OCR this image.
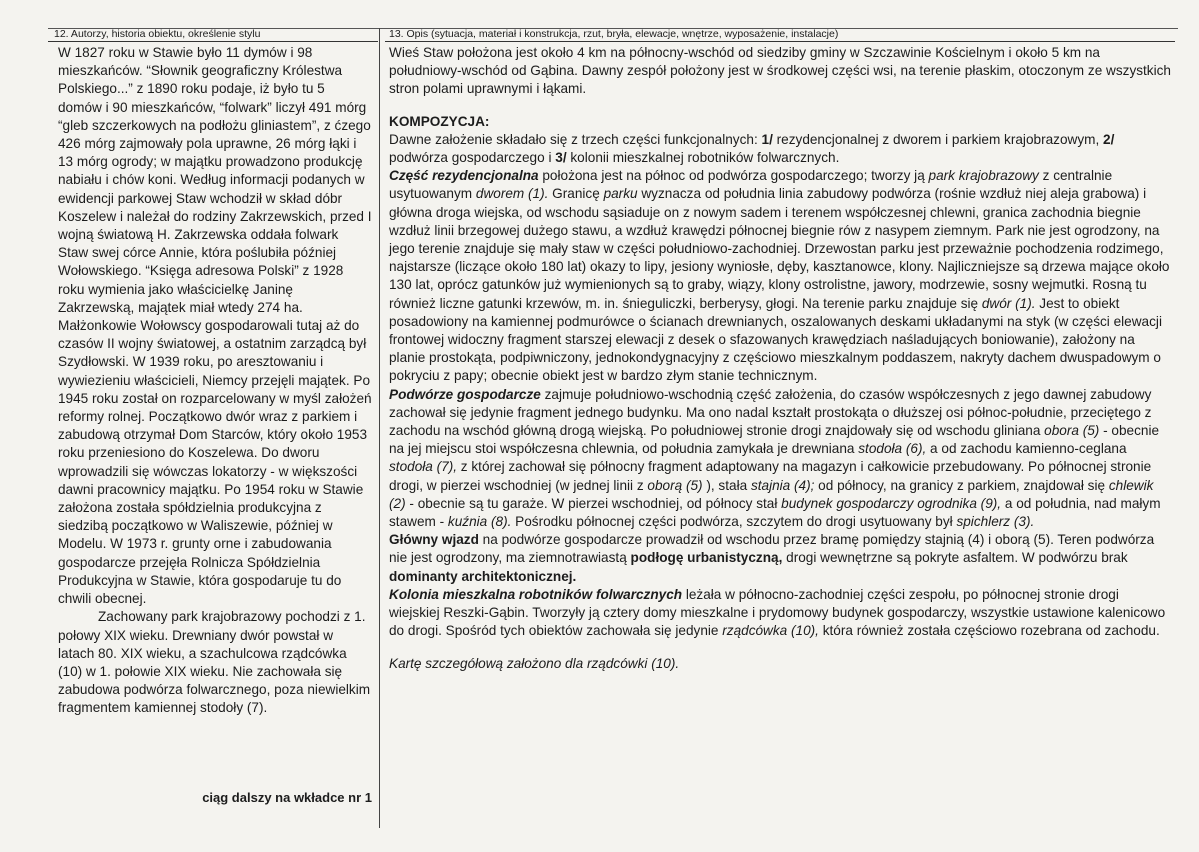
12. Autorzy, historia obiektu, określenie stylu

W 1827 roku w Stawie było 11 dymów i 98 mieszkańców. “Słownik geograficzny Królestwa Polskiego...” z 1890 roku podaje, iż było tu 5 domów i 90 mieszkańców, “folwark” liczył 491 mórg “gleb szczerkowych na podłożu gliniastem”, z ćzego 426 mórg zajmowały pola uprawne, 26 mórg łąki i 13 mórg ogrody; w majątku prowadzono produkcję nabiału i chów koni. Według informacji podanych w ewidencji parkowej Staw wchodził w skład dóbr Koszelew i należał do rodziny Zakrzewskich, przed I wojną światową H. Zakrzewska oddała folwark Staw swej córce Annie, która poślubiła później Wołowskiego. “Księga adresowa Polski” z 1928 roku wymienia jako właścicielkę Janinę Zakrzewską, majątek miał wtedy 274 ha. Małżonkowie Wołowscy gospodarowali tutaj aż do czasów II wojny światowej, a ostatnim zarządcą był Szydłowski. W 1939 roku, po aresztowaniu i wywiezieniu właścicieli, Niemcy przejęli majątek. Po 1945 roku został on rozparcelowany w myśl założeń reformy rolnej. Początkowo dwór wraz z parkiem i zabudową otrzymał Dom Starców, który około 1953 roku przeniesiono do Koszelewa. Do dworu wprowadzili się wówczas lokatorzy - w większości dawni pracownicy majątku. Po 1954 roku w Stawie założona została spółdzielnia produkcyjna z siedzibą początkowo w Waliszewie, później w Modelu. W 1973 r. grunty orne i zabudowania gospodarcze przejęła Rolnicza Spółdzielnia Produkcyjna w Stawie, która gospodaruje tu do chwili obecnej.

Zachowany park krajobrazowy pochodzi z 1. połowy XIX wieku. Drewniany dwór powstał w latach 80. XIX wieku, a szachulcowa rządcówka (10) w 1. połowie XIX wieku. Nie zachowała się zabudowa podwórza folwarcznego, poza niewielkim fragmentem kamiennej stodoły (7).

ciąg dalszy na wkładce nr 1
13. Opis (sytuacja, materiał i konstrukcja, rzut, bryła, elewacje, wnętrze, wyposażenie, instalacje)

Wieś Staw położona jest około 4 km na północny-wschód od siedziby gminy w Szczawinie Kościelnym i około 5 km na południowy-wschód od Gąbina. Dawny zespół położony jest w środkowej części wsi, na terenie płaskim, otoczonym ze wszystkich stron polami uprawnymi i łąkami.

KOMPOZYCJA:

Dawne założenie składało się z trzech części funkcjonalnych: 1/ rezydencjonalnej z dworem i parkiem krajobrazowym, 2/ podwórza gospodarczego i 3/ kolonii mieszkalnej robotników folwarcznych.

Część rezydencjonalna położona jest na północ od podwórza gospodarczego; tworzy ją park krajobrazowy z centralnie usytuowanym dworem (1). Granicę parku wyznacza od południa linia zabudowy podwórza (rośnie wzdłuż niej aleja grabowa) i główna droga wiejska, od wschodu sąsiaduje on z nowym sadem i terenem współczesnej chlewni, granica zachodnia biegnie wzdłuż linii brzegowej dużego stawu, a wzdłuż krawędzi północnej biegnie rów z nasypem ziemnym. Park nie jest ogrodzony, na jego terenie znajduje się mały staw w części południowo-zachodniej. Drzewostan parku jest przeważnie pochodzenia rodzimego, najstarsze (liczące około 180 lat) okazy to lipy, jesiony wyniosłe, dęby, kasztanowce, klony. Najliczniejsze są drzewa mające około 130 lat, oprócz gatunków już wymienionych są to graby, wiązy, klony ostrolistne, jawory, modrzewie, sosny wejmutki. Rosną tu również liczne gatunki krzewów, m. in. śnieguliczki, berberysy, głogi. Na terenie parku znajduje się dwór (1). Jest to obiekt posadowiony na kamiennej podmurówce o ścianach drewnianych, oszalowanych deskami układanymi na styk (w części elewacji frontowej widoczny fragment starszej elewacji z desek o sfazowanych krawędziach naśladujących boniowanie), założony na planie prostokąta, podpiwniczony, jednokondygnacyjny z częściowo mieszkalnym poddaszem, nakryty dachem dwuspadowym o pokryciu z papy; obecnie obiekt jest w bardzo złym stanie technicznym.

Podwórze gospodarcze zajmuje południowo-wschodnią część założenia, do czasów współczesnych z jego dawnej zabudowy zachował się jedynie fragment jednego budynku. Ma ono nadal kształt prostokąta o dłuższej osi północ-południe, przeciętego z zachodu na wschód główną drogą wiejską. Po południowej stronie drogi znajdowały się od wschodu gliniana obora (5) - obecnie na jej miejscu stoi współczesna chlewnia, od południa zamykała je drewniana stodoła (6), a od zachodu kamienno-ceglana stodoła (7), z której zachował się północny fragment adaptowany na magazyn i całkowicie przebudowany. Po północnej stronie drogi, w pierzei wschodniej (w jednej linii z oborą (5) ), stała stajnia (4); od północy, na granicy z parkiem, znajdował się chlewik (2) - obecnie są tu garaże. W pierzei wschodniej, od północy stał budynek gospodarczy ogrodnika (9), a od południa, nad małym stawem - kuźnia (8). Pośrodku północnej części podwórza, szczytem do drogi usytuowany był spichlerz (3).

Główny wjazd na podwórze gospodarcze prowadził od wschodu przez bramę pomiędzy stajnią (4) i oborą (5). Teren podwórza nie jest ogrodzony, ma ziemnotrawiastą podłogę urbanistyczną, drogi wewnętrzne są pokryte asfaltem. W podwórzu brak dominanty architektonicznej.

Kolonia mieszkalna robotników folwarcznych leżała w północno-zachodniej części zespołu, po północnej stronie drogi wiejskiej Reszki-Gąbin. Tworzyły ją cztery domy mieszkalne i prydomowy budynek gospodarczy, wszystkie ustawione kalenicowo do drogi. Spośród tych obiektów zachowała się jedynie rządcówka (10), która również została częściowo rozebrana od zachodu.

Kartę szczegółową założono dla rządcówki (10).
